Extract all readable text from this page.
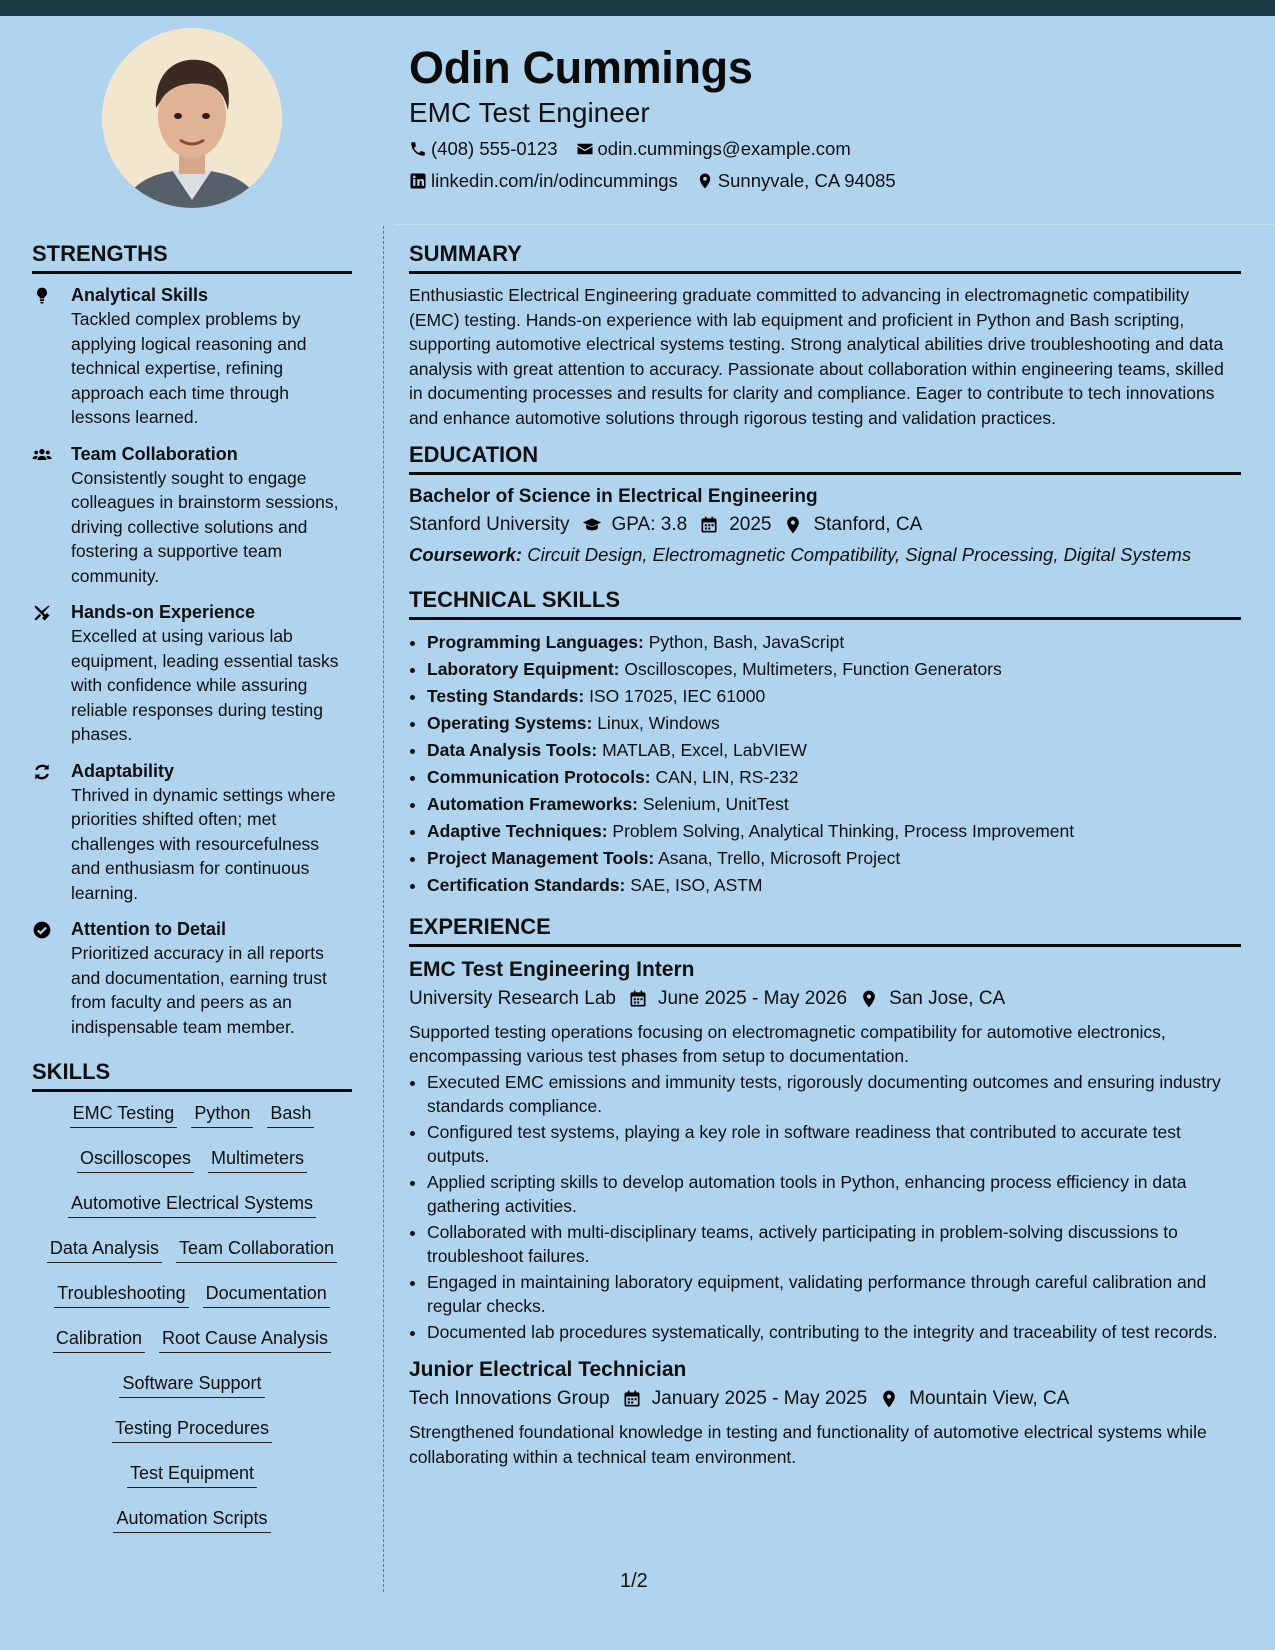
Odin Cummings
EMC Test Engineer
(408) 555-0123 odin.cummings@example.com
linkedin.com/in/odincummings Sunnyvale, CA 94085
STRENGTHS
Analytical Skills
Tackled complex problems by applying logical reasoning and technical expertise, refining approach each time through lessons learned.
Team Collaboration
Consistently sought to engage colleagues in brainstorm sessions, driving collective solutions and fostering a supportive team community.
Hands-on Experience
Excelled at using various lab equipment, leading essential tasks with confidence while assuring reliable responses during testing phases.
Adaptability
Thrived in dynamic settings where priorities shifted often; met challenges with resourcefulness and enthusiasm for continuous learning.
Attention to Detail
Prioritized accuracy in all reports and documentation, earning trust from faculty and peers as an indispensable team member.
SKILLS
EMC Testing Python Bash
Oscilloscopes Multimeters
Automotive Electrical Systems
Data Analysis Team Collaboration
Troubleshooting Documentation
Calibration Root Cause Analysis
Software Support
Testing Procedures
Test Equipment
Automation Scripts
SUMMARY
Enthusiastic Electrical Engineering graduate committed to advancing in electromagnetic compatibility (EMC) testing. Hands-on experience with lab equipment and proficient in Python and Bash scripting, supporting automotive electrical systems testing. Strong analytical abilities drive troubleshooting and data analysis with great attention to accuracy. Passionate about collaboration within engineering teams, skilled in documenting processes and results for clarity and compliance. Eager to contribute to tech innovations and enhance automotive solutions through rigorous testing and validation practices.
EDUCATION
Bachelor of Science in Electrical Engineering
Stanford University GPA: 3.8 2025 Stanford, CA
Coursework: Circuit Design, Electromagnetic Compatibility, Signal Processing, Digital Systems
TECHNICAL SKILLS
• Programming Languages: Python, Bash, JavaScript
• Laboratory Equipment: Oscilloscopes, Multimeters, Function Generators
• Testing Standards: ISO 17025, IEC 61000
• Operating Systems: Linux, Windows
• Data Analysis Tools: MATLAB, Excel, LabVIEW
• Communication Protocols: CAN, LIN, RS-232
• Automation Frameworks: Selenium, UnitTest
• Adaptive Techniques: Problem Solving, Analytical Thinking, Process Improvement
• Project Management Tools: Asana, Trello, Microsoft Project
• Certification Standards: SAE, ISO, ASTM
EXPERIENCE
EMC Test Engineering Intern
University Research Lab June 2025 - May 2026 San Jose, CA
Supported testing operations focusing on electromagnetic compatibility for automotive electronics, encompassing various test phases from setup to documentation.
• Executed EMC emissions and immunity tests, rigorously documenting outcomes and ensuring industry standards compliance.
• Configured test systems, playing a key role in software readiness that contributed to accurate test outputs.
• Applied scripting skills to develop automation tools in Python, enhancing process efficiency in data gathering activities.
• Collaborated with multi-disciplinary teams, actively participating in problem-solving discussions to troubleshoot failures.
• Engaged in maintaining laboratory equipment, validating performance through careful calibration and regular checks.
• Documented lab procedures systematically, contributing to the integrity and traceability of test records.
Junior Electrical Technician
Tech Innovations Group January 2025 - May 2025 Mountain View, CA
Strengthened foundational knowledge in testing and functionality of automotive electrical systems while collaborating within a technical team environment.
1/2
